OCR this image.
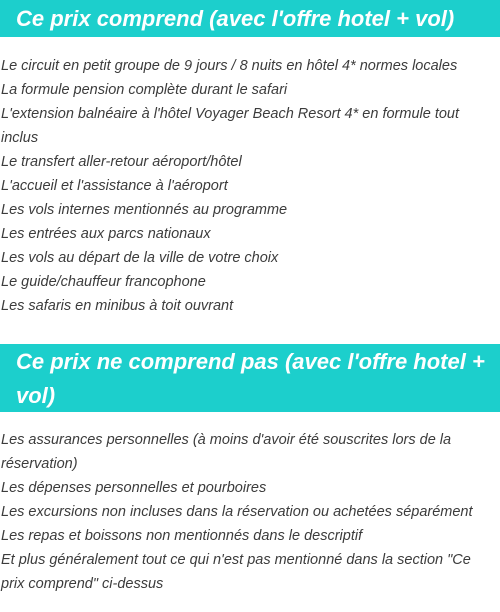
Ce prix comprend (avec l'offre hotel + vol)
Le circuit en petit groupe de 9 jours / 8 nuits en hôtel 4* normes locales
La formule pension complète durant le safari
L'extension balnéaire à l'hôtel Voyager Beach Resort 4* en formule tout inclus
Le transfert aller-retour aéroport/hôtel
L'accueil et l'assistance à l'aéroport
Les vols internes mentionnés au programme
Les entrées aux parcs nationaux
Les vols au départ de la ville de votre choix
Le guide/chauffeur francophone
Les safaris en minibus à toit ouvrant
Ce prix ne comprend pas (avec l'offre hotel + vol)
Les assurances personnelles (à moins d'avoir été souscrites lors de la réservation)
Les dépenses personnelles et pourboires
Les excursions non incluses dans la réservation ou achetées séparément
Les repas et boissons non mentionnés dans le descriptif
Et plus généralement tout ce qui n'est pas mentionné dans la section "Ce prix comprend" ci-dessus
